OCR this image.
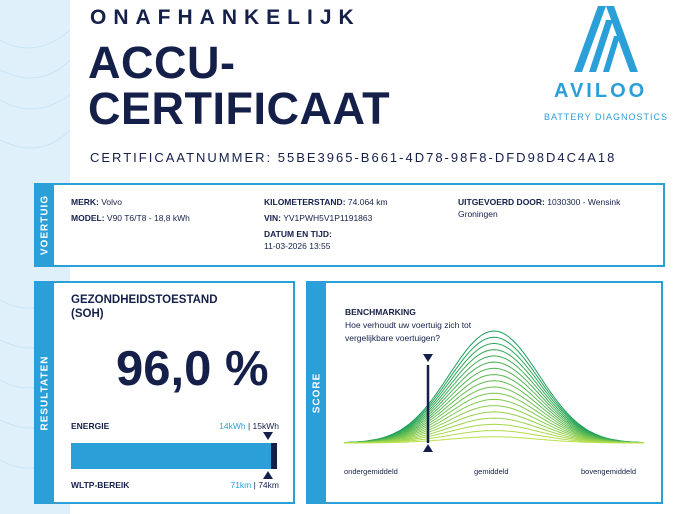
ONAFHANKELIJK
ACCU-
CERTIFICAAT
CERTIFICAATNUMMER: 55BE3965-B661-4D78-98F8-DFD98D4C4A18
AVILOO
BATTERY DIAGNOSTICS
VOERTUIG MERK: Volvo
MODEL: V90 T6/T8 - 18,8 kWh
KILOMETERSTAND: 74.064 km
VIN: YV1PWH5V1P1191863
DATUM EN TIJD:
11-03-2026 13:55
UITGEVOERD DOOR: 1030300 - Wensink
Groningen
RESULTATEN
GEZONDHEIDSTOESTAND
(SOH)
96,0 %
ENERGIE	14kWh | 15kWh
WLTP-BEREIK	71km | 74km
SCORE
BENCHMARKING
Hoe verhoudt uw voertuig zich tot vergelijkbare voertuigen?
ondergemiddeld	gemiddeld	bovengemiddeld
